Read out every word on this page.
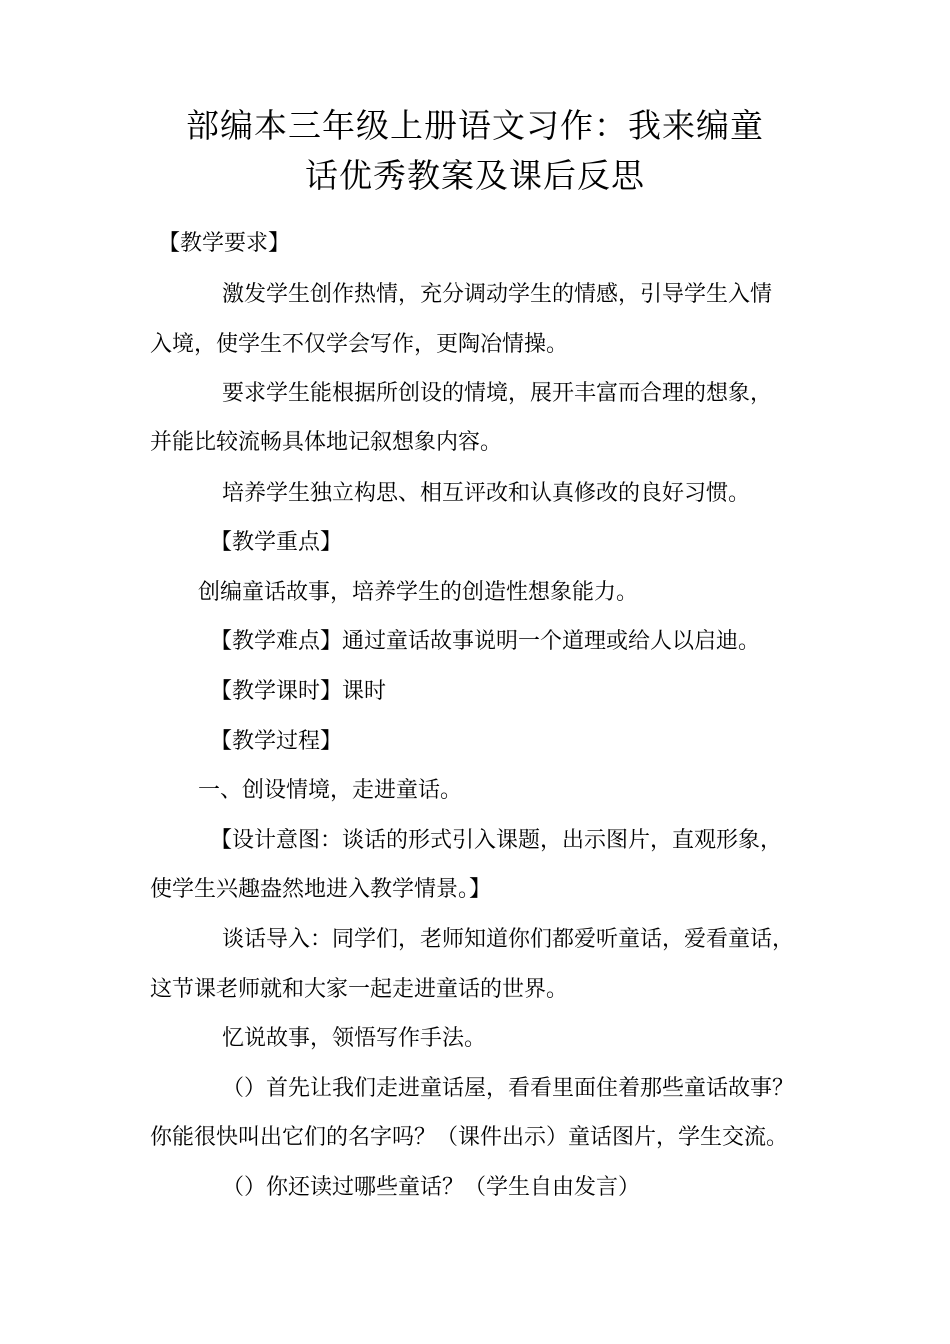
部编本三年级上册语文习作：我来编童
话优秀教案及课后反思
【教学要求】
激发学生创作热情，充分调动学生的情感，引导学生入情
入境，使学生不仅学会写作，更陶冶情操。
要求学生能根据所创设的情境，展开丰富而合理的想象，
并能比较流畅具体地记叙想象内容。
培养学生独立构思、相互评改和认真修改的良好习惯。
【教学重点】
创编童话故事，培养学生的创造性想象能力。
【教学难点】通过童话故事说明一个道理或给人以启迪。
【教学课时】课时
【教学过程】
一、创设情境，走进童话。
【设计意图：谈话的形式引入课题，出示图片，直观形象，
使学生兴趣盎然地进入教学情景。】
谈话导入：同学们，老师知道你们都爱听童话，爱看童话，
这节课老师就和大家一起走进童话的世界。
忆说故事，领悟写作手法。
（）首先让我们走进童话屋，看看里面住着那些童话故事？
你能很快叫出它们的名字吗？（课件出示）童话图片，学生交流。
（）你还读过哪些童话？（学生自由发言）
